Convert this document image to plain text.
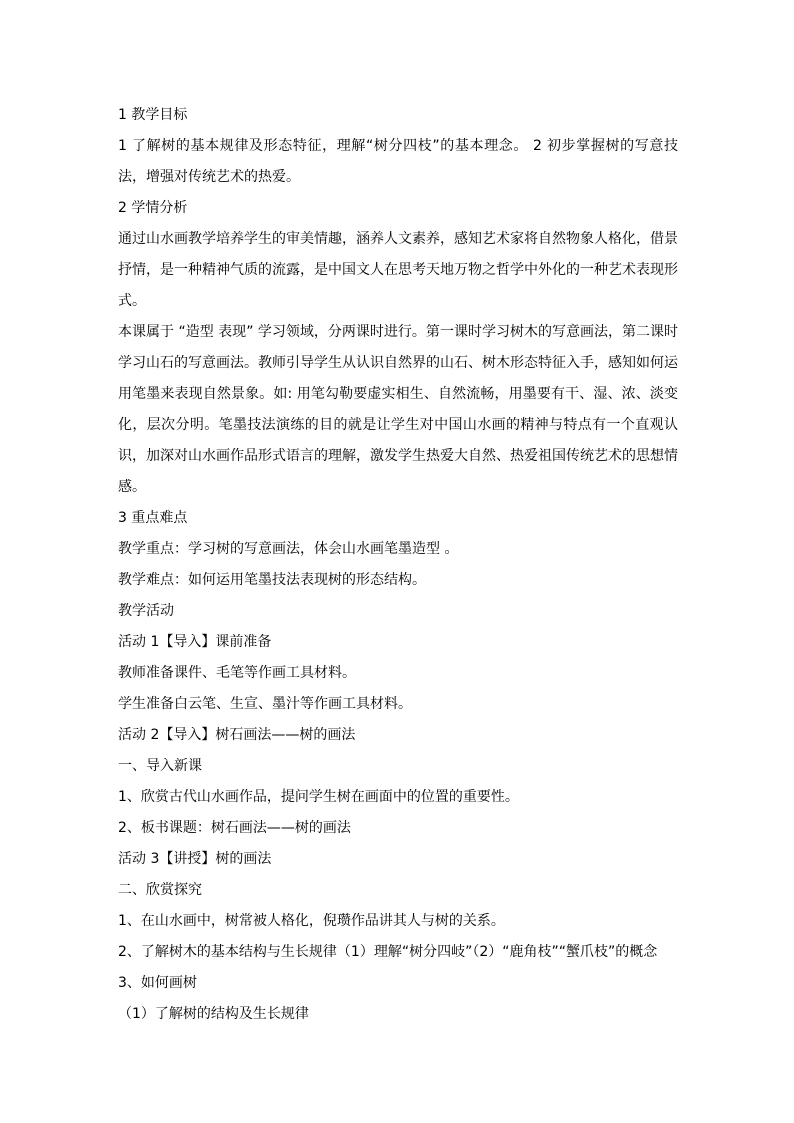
1 教学目标

1 了解树的基本规律及形态特征，理解“树分四枝”的基本理念。 2 初步掌握树的写意技法，增强对传统艺术的热爱。

2 学情分析

通过山水画教学培养学生的审美情趣，涵养人文素养，感知艺术家将自然物象人格化，借景抒情，是一种精神气质的流露，是中国文人在思考天地万物之哲学中外化的一种艺术表现形式。

本课属于 “造型 表现” 学习领域，分两课时进行。第一课时学习树木的写意画法，第二课时学习山石的写意画法。教师引导学生从认识自然界的山石、树木形态特征入手，感知如何运用笔墨来表现自然景象。如: 用笔勾勒要虚实相生、自然流畅，用墨要有干、湿、浓、淡变化，层次分明。笔墨技法演练的目的就是让学生对中国山水画的精神与特点有一个直观认识，加深对山水画作品形式语言的理解，激发学生热爱大自然、热爱祖国传统艺术的思想情感。

3 重点难点

教学重点：学习树的写意画法，体会山水画笔墨造型 。

教学难点：如何运用笔墨技法表现树的形态结构。

教学活动

活动 1【导入】课前准备

教师准备课件、毛笔等作画工具材料。

学生准备白云笔、生宣、墨汁等作画工具材料。

活动 2【导入】树石画法——树的画法

一、导入新课

1、欣赏古代山水画作品，提问学生树在画面中的位置的重要性。

2、板书课题：树石画法——树的画法

活动 3【讲授】树的画法

二、欣赏探究

1、在山水画中，树常被人格化，倪瓒作品讲其人与树的关系。

2、了解树木的基本结构与生长规律（1）理解“树分四岐”（2）“鹿角枝”“蟹爪枝”的概念

3、如何画树

（1）了解树的结构及生长规律
